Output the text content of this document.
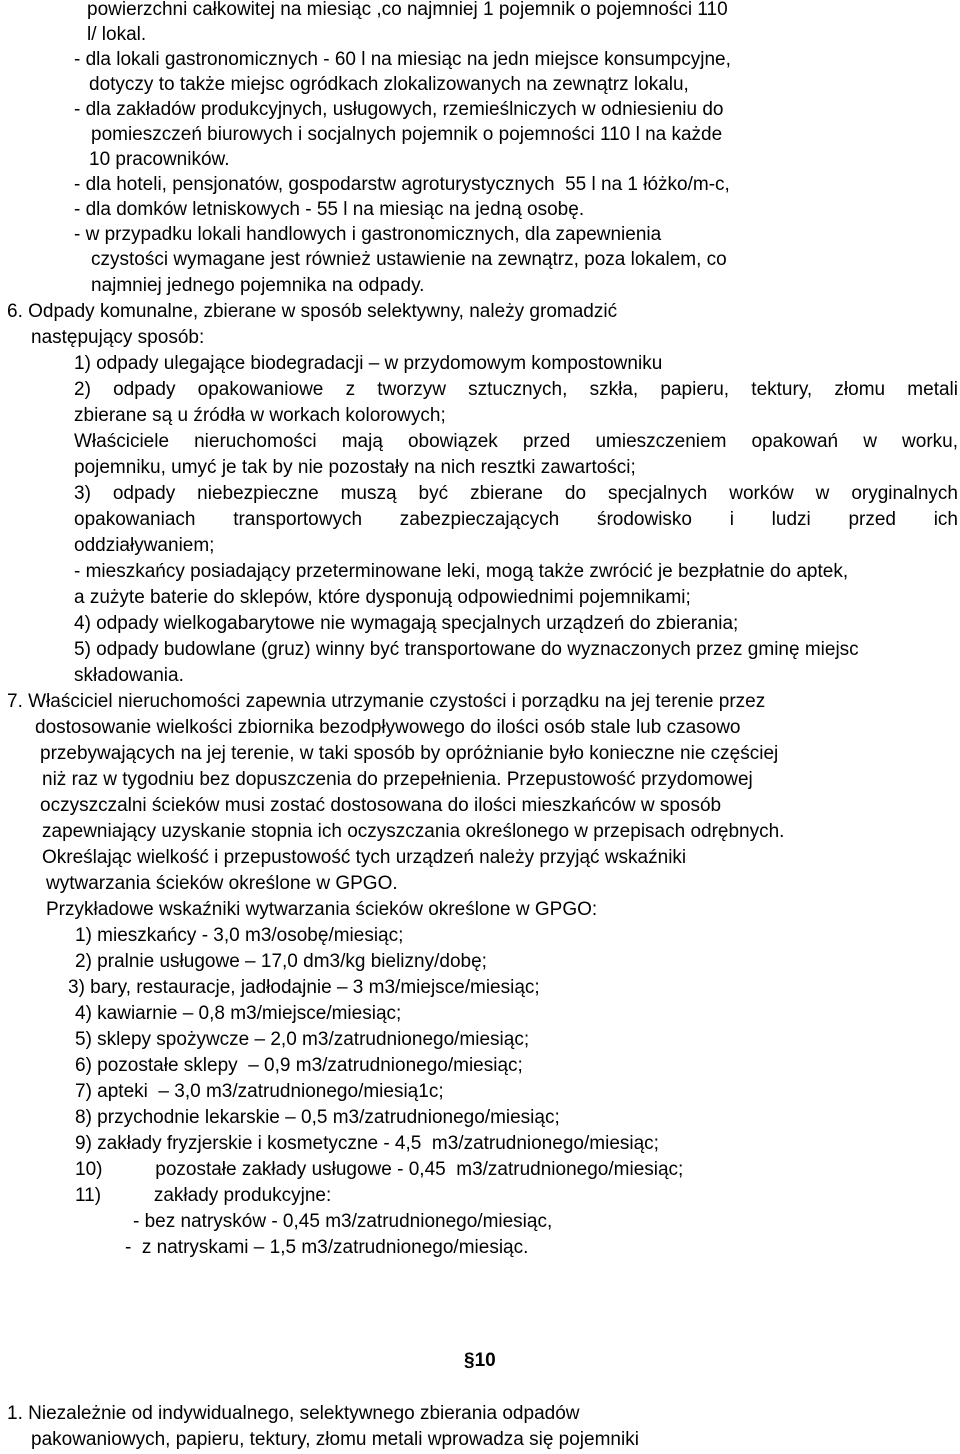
powierzchni całkowitej na miesiąc ,co najmniej 1 pojemnik o pojemności 110
l/ lokal.
- dla lokali gastronomicznych - 60 l na miesiąc na jedn miejsce konsumpcyjne,
dotyczy to także miejsc ogródkach zlokalizowanych na zewnątrz lokalu,
- dla zakładów produkcyjnych, usługowych, rzemieślniczych w odniesieniu do
pomieszczeń biurowych i socjalnych pojemnik o pojemności 110 l na każde
10 pracowników.
- dla hoteli, pensjonatów, gospodarstw agroturystycznych  55 l na 1 łóżko/m-c,
- dla domków letniskowych - 55 l na miesiąc na jedną osobę.
- w przypadku lokali handlowych i gastronomicznych, dla zapewnienia
czystości wymagane jest również ustawienie na zewnątrz, poza lokalem, co
najmniej jednego pojemnika na odpady.
6. Odpady komunalne, zbierane w sposób selektywny, należy gromadzić
następujący sposób:
1) odpady ulegające biodegradacji – w przydomowym kompostowniku
2) odpady opakowaniowe z tworzyw sztucznych, szkła, papieru, tektury, złomu metali
zbierane są u źródła w workach kolorowych;
Właściciele nieruchomości mają obowiązek przed umieszczeniem opakowań w worku,
pojemniku, umyć je tak by nie pozostały na nich resztki zawartości;
3) odpady niebezpieczne muszą być zbierane do specjalnych worków w oryginalnych
opakowaniach transportowych zabezpieczających środowisko i ludzi przed ich
oddziaływaniem;
- mieszkańcy posiadający przeterminowane leki, mogą także zwrócić je bezpłatnie do aptek,
a zużyte baterie do sklepów, które dysponują odpowiednimi pojemnikami;
4) odpady wielkogabarytowe nie wymagają specjalnych urządzeń do zbierania;
5) odpady budowlane (gruz) winny być transportowane do wyznaczonych przez gminę miejsc
składowania.
7. Właściciel nieruchomości zapewnia utrzymanie czystości i porządku na jej terenie przez
dostosowanie wielkości zbiornika bezodpływowego do ilości osób stale lub czasowo
przebywających na jej terenie, w taki sposób by opróżnianie było konieczne nie częściej
niż raz w tygodniu bez dopuszczenia do przepełnienia. Przepustowość przydomowej
oczyszczalni ścieków musi zostać dostosowana do ilości mieszkańców w sposób
zapewniający uzyskanie stopnia ich oczyszczania określonego w przepisach odrębnych.
Określając wielkość i przepustowość tych urządzeń należy przyjąć wskaźniki
wytwarzania ścieków określone w GPGO.
Przykładowe wskaźniki wytwarzania ścieków określone w GPGO:
1) mieszkańcy - 3,0 m3/osobę/miesiąc;
2) pralnie usługowe – 17,0 dm3/kg bielizny/dobę;
3) bary, restauracje, jadłodajnie – 3 m3/miejsce/miesiąc;
4) kawiarnie – 0,8 m3/miejsce/miesiąc;
5) sklepy spożywcze – 2,0 m3/zatrudnionego/miesiąc;
6) pozostałe sklepy  – 0,9 m3/zatrudnionego/miesiąc;
7) apteki  – 3,0 m3/zatrudnionego/miesią1c;
8) przychodnie lekarskie – 0,5 m3/zatrudnionego/miesiąc;
9) zakłady fryzjerskie i kosmetyczne - 4,5  m3/zatrudnionego/miesiąc;
10)          pozostałe zakłady usługowe - 0,45  m3/zatrudnionego/miesiąc;
11)          zakłady produkcyjne:
- bez natrysków - 0,45 m3/zatrudnionego/miesiąc,
-  z natryskami – 1,5 m3/zatrudnionego/miesiąc.
§10
1. Niezależnie od indywidualnego, selektywnego zbierania odpadów
pakowaniowych, papieru, tektury, złomu metali wprowadza się pojemniki
